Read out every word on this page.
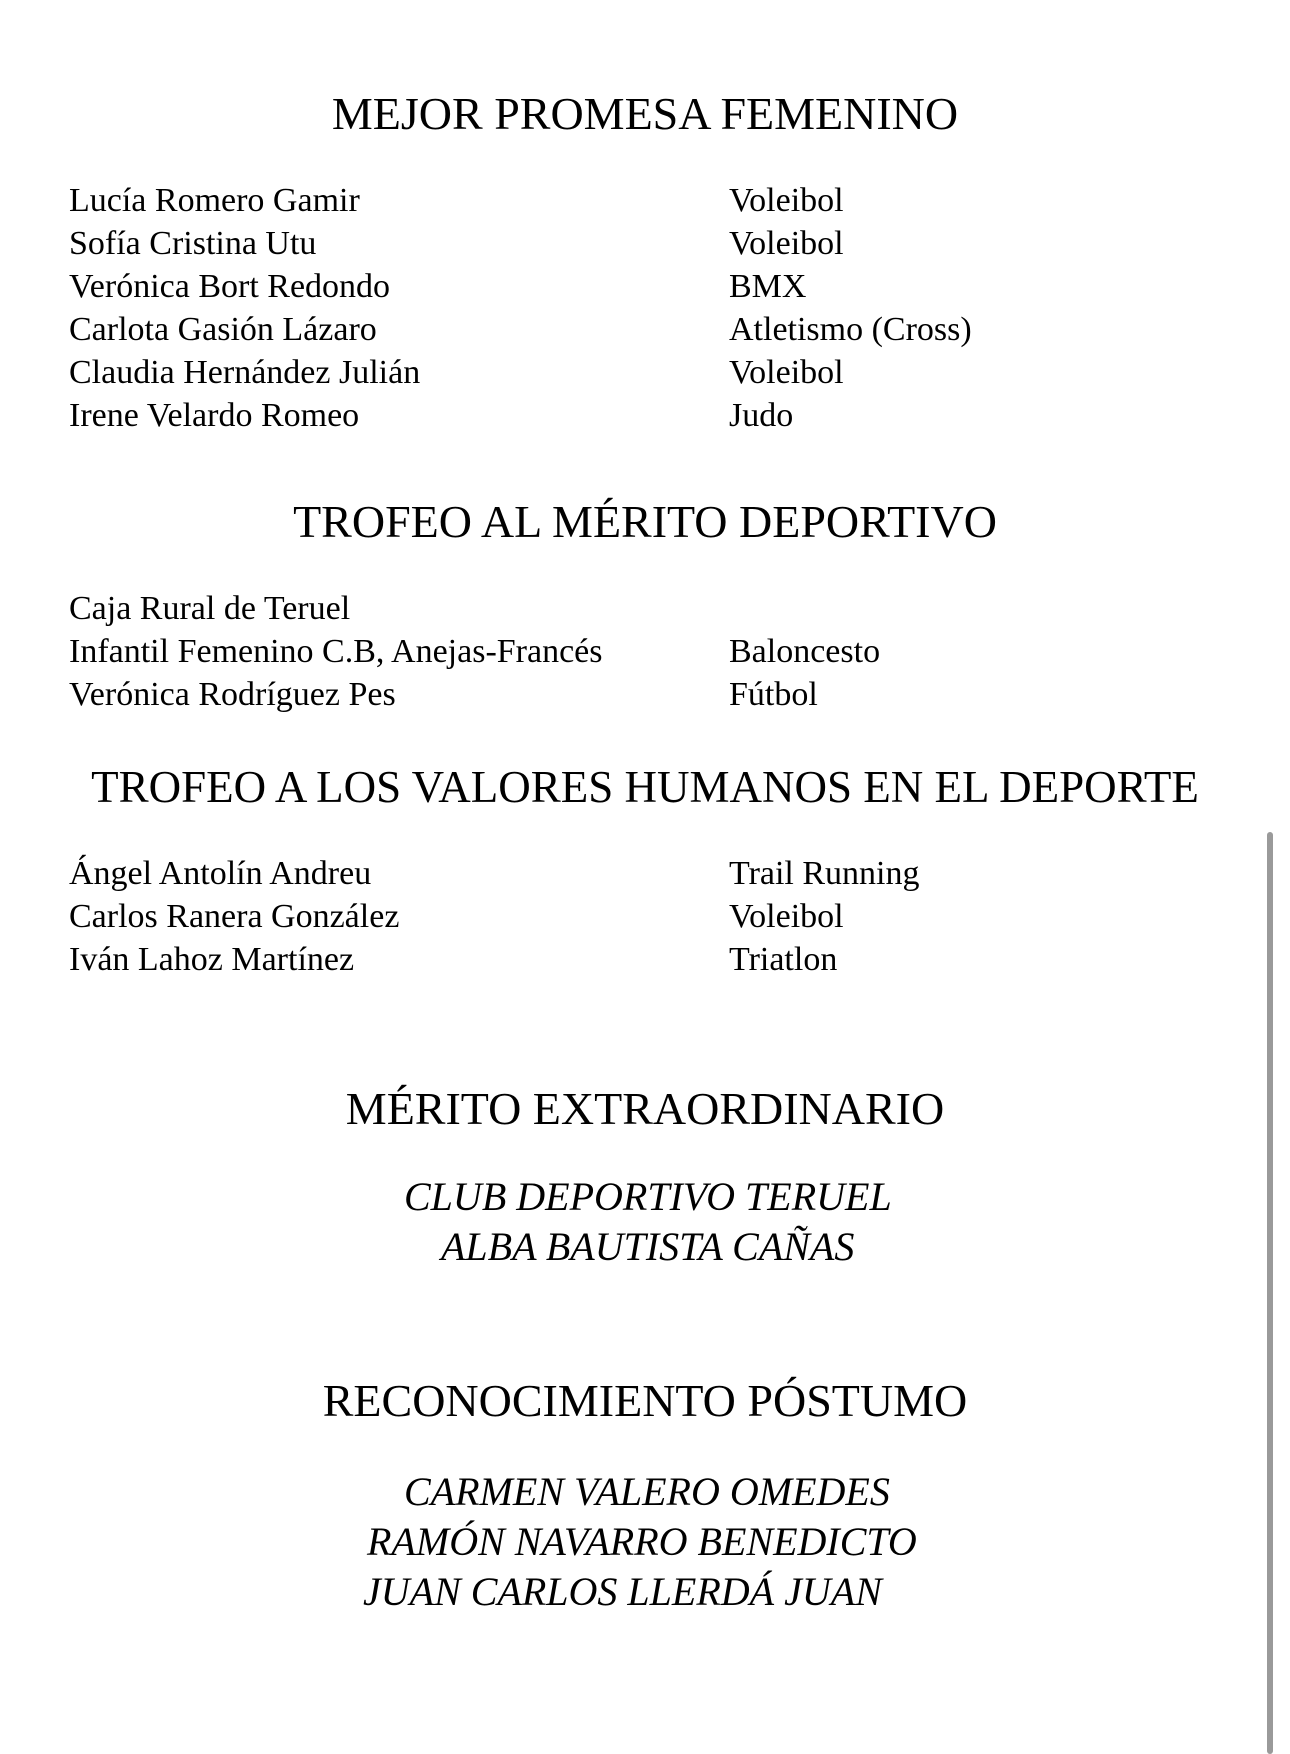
MEJOR PROMESA FEMENINO
Lucía Romero Gamir	Voleibol
Sofía Cristina Utu	Voleibol
Verónica Bort Redondo	BMX
Carlota Gasión Lázaro	Atletismo (Cross)
Claudia Hernández Julián	Voleibol
Irene Velardo Romeo	Judo
TROFEO AL MÉRITO DEPORTIVO
Caja Rural de Teruel
Infantil Femenino C.B, Anejas-Francés	Baloncesto
Verónica Rodríguez Pes	Fútbol
TROFEO A LOS VALORES HUMANOS EN EL DEPORTE
Ángel Antolín Andreu	Trail Running
Carlos Ranera González	Voleibol
Iván Lahoz Martínez	Triatlon
MÉRITO EXTRAORDINARIO
CLUB DEPORTIVO TERUEL
ALBA BAUTISTA CAÑAS
RECONOCIMIENTO PÓSTUMO
CARMEN VALERO OMEDES
RAMÓN NAVARRO BENEDICTO
JUAN CARLOS LLERDÁ JUAN
